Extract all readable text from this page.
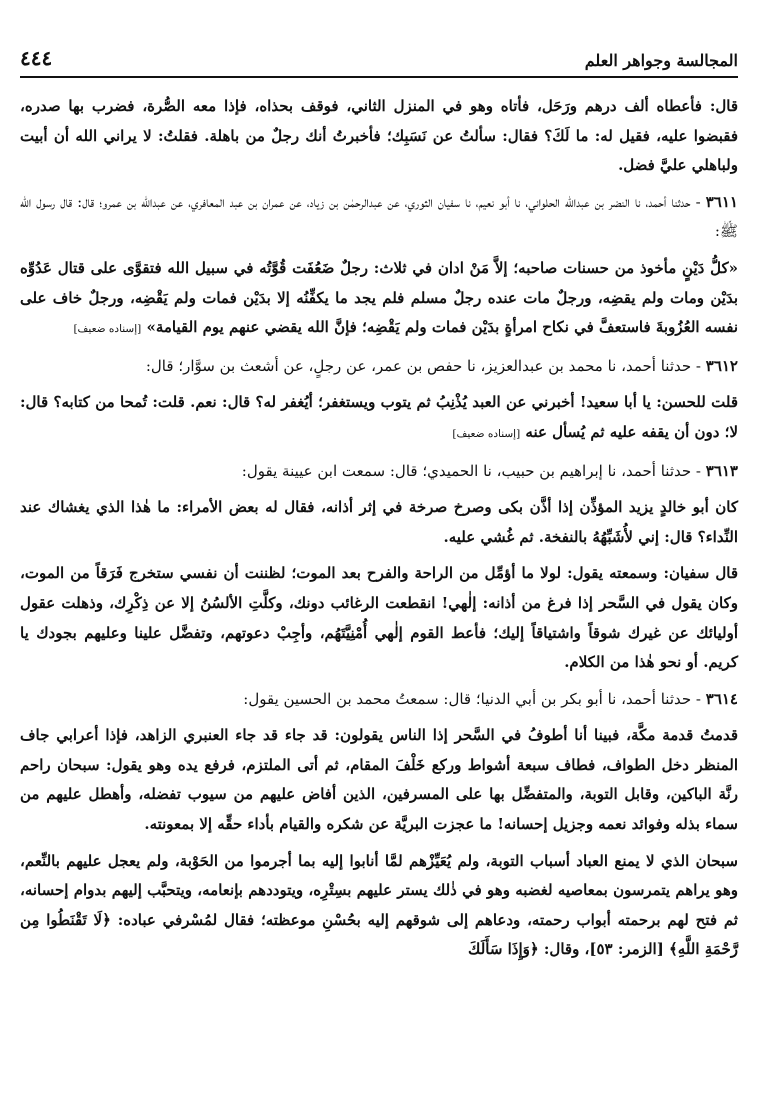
المجالسة وجواهر العلم
٤٤٤

قال: فأعطاه ألف درهم ورَحَل، فأتاه وهو في المنزل الثاني، فوقف بحذاه، فإذا معه الصُّرة، فضرب بها صدره، فقبضوا عليه، فقيل له: ما لَكَ؟ فقال: سألتُ عن نَسَبِك؛ فأخبرتُ أنك رجلٌ من باهلة. فقلتُ: لا يراني الله أن أبيت ولباهلي عليَّ فضل.

٣٦١١ - حدثنا أحمد، نا النضر بن عبدالله الحلواني، نا أبو نعيم، نا سفيان الثوري، عن عبدالرحمٰن بن زياد، عن عمران بن عبد المعافري، عن عبدالله بن عمرو؛ قال: قال رسول الله ﷺ:

«كلُّ دَيْنٍ مأخوذ من حسنات صاحبه؛ إلاَّ مَنْ ادان في ثلاث: رجلٌ ضَعُفَت قُوَّتُه في سبيل الله فتقوَّى على قتال عَدُوِّه بدَيْن ومات ولم يقضِه، ورجلٌ مات عنده رجلٌ مسلم فلم يجد ما يكفِّنُه إلا بدَيْن فمات ولم يَقْضِه، ورجلٌ خاف على نفسه العُزُوبةَ فاستعفَّ في نكاح امرأةٍ بدَيْن فمات ولم يَقْضِه؛ فإنَّ الله يقضي عنهم يوم القيامة» [إسناده ضعيف]

٣٦١٢ - حدثنا أحمد، نا محمد بن عبدالعزيز، نا حفص بن عمر، عن رجلٍ، عن أشعث بن سوَّار؛ قال:

قلت للحسن: يا أبا سعيد! أخبرني عن العبد يُذْنِبُ ثم يتوب ويستغفر؛ أيُغفر له؟ قال: نعم. قلت: تُمحا من كتابه؟ قال: لا؛ دون أن يقفه عليه ثم يُسأل عنه [إسناده ضعيف]

٣٦١٣ - حدثنا أحمد، نا إبراهيم بن حبيب، نا الحميدي؛ قال: سمعت ابن عيينة يقول:

كان أبو خالدٍ يزيد المؤذِّن إذا أذَّن بكى وصرخ صرخة في إثر أذانه، فقال له بعض الأمراء: ما هٰذا الذي يغشاك عند النِّداء؟ قال: إني لأُشَبِّهُهُ بالنفخة. ثم غُشي عليه.

قال سفيان: وسمعته يقول: لولا ما أؤمِّل من الراحة والفرح بعد الموت؛ لظننت أن نفسي ستخرج فَرَقاً من الموت، وكان يقول في السَّحر إذا فرغ من أذانه: إلٰهي! انقطعت الرغائب دونك، وكلَّتِ الألسُنُ إلا عن ذِكْرِك، وذهلت عقول أوليائك عن غيرك شوقاً واشتياقاً إليك؛ فأعط القوم إلٰهي أُمْنِيَّتَهُم، وأجِبْ دعوتهم، وتفضَّل علينا وعليهم بجودك يا كريم. أو نحو هٰذا من الكلام.

٣٦١٤ - حدثنا أحمد، نا أبو بكر بن أبي الدنيا؛ قال: سمعتُ محمد بن الحسين يقول:

قدمتُ قدمة مكَّة، فبينا أنا أطوفُ في السَّحر إذا الناس يقولون: قد جاء قد جاء العنبري الزاهد، فإذا أعرابي جاف المنظر دخل الطواف، فطاف سبعة أشواط وركع خَلْفَ المقام، ثم أتى الملتزم، فرفع يده وهو يقول: سبحان راحم رنَّة الباكين، وقابل التوبة، والمتفضِّل بها على المسرفين، الذين أفاض عليهم من سيوب تفضله، وأهطل عليهم من سماء بذله وفوائد نعمه وجزيل إحسانه! ما عجزت البريَّة عن شكره والقيام بأداء حقِّه إلا بمعونته.

سبحان الذي لا يمنع العباد أسباب التوبة، ولم يُعَيِّزْهم لمَّا أنابوا إليه بما أجرموا من الحَوْبة، ولم يعجل عليهم بالنِّعم، وهو يراهم يتمرسون بمعاصيه لغضبه وهو في ذٰلك يستر عليهم بسِتْرِه، ويتوددهم بإنعامه، ويتحبَّب إليهم بدوام إحسانه، ثم فتح لهم برحمته أبواب رحمته، ودعاهم إلى شوقهم إليه بحُسْنِ موعظته؛ فقال لمُسْرفي عباده: ﴿لَا تَقْنَطُوا مِن رَّحْمَةِ اللَّهِ﴾ [الزمر: ٥٣]، وقال: ﴿وَإِذَا سَأَلَكَ
